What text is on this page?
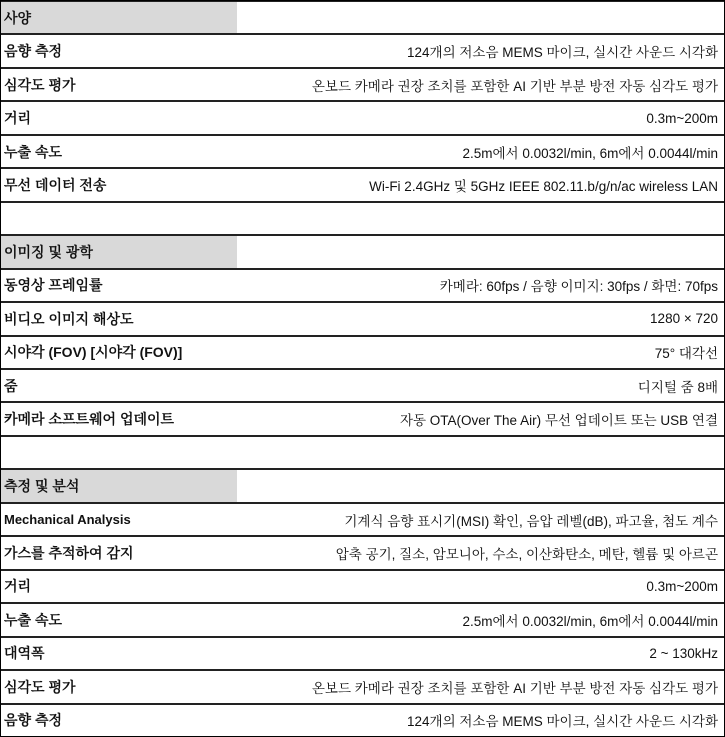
사양
음향 측정	124개의 저소음 MEMS 마이크, 실시간 사운드 시각화
심각도 평가	온보드 카메라 권장 조치를 포함한 AI 기반 부분 방전 자동 심각도 평가
거리	0.3m~200m
누출 속도	2.5m에서 0.0032l/min, 6m에서 0.0044l/min
무선 데이터 전송	Wi-Fi 2.4GHz 및 5GHz IEEE 802.11.b/g/n/ac wireless LAN
이미징 및 광학
동영상 프레임률	카메라: 60fps / 음향 이미지: 30fps / 화면: 70fps
비디오 이미지 해상도	1280 × 720
시야각 (FOV) [시야각 (FOV)]	75° 대각선
줌	디지털 줌 8배
카메라 소프트웨어 업데이트	자동 OTA(Over The Air) 무선 업데이트 또는 USB 연결
측정 및 분석
Mechanical Analysis	기계식 음향 표시기(MSI) 확인, 음압 레벨(dB), 파고율, 첨도 계수
가스를 추적하여 감지	압축 공기, 질소, 암모니아, 수소, 이산화탄소, 메탄, 헬륨 및 아르곤
거리	0.3m~200m
누출 속도	2.5m에서 0.0032l/min, 6m에서 0.0044l/min
대역폭	2 ~ 130kHz
심각도 평가	온보드 카메라 권장 조치를 포함한 AI 기반 부분 방전 자동 심각도 평가
음향 측정	124개의 저소음 MEMS 마이크, 실시간 사운드 시각화
